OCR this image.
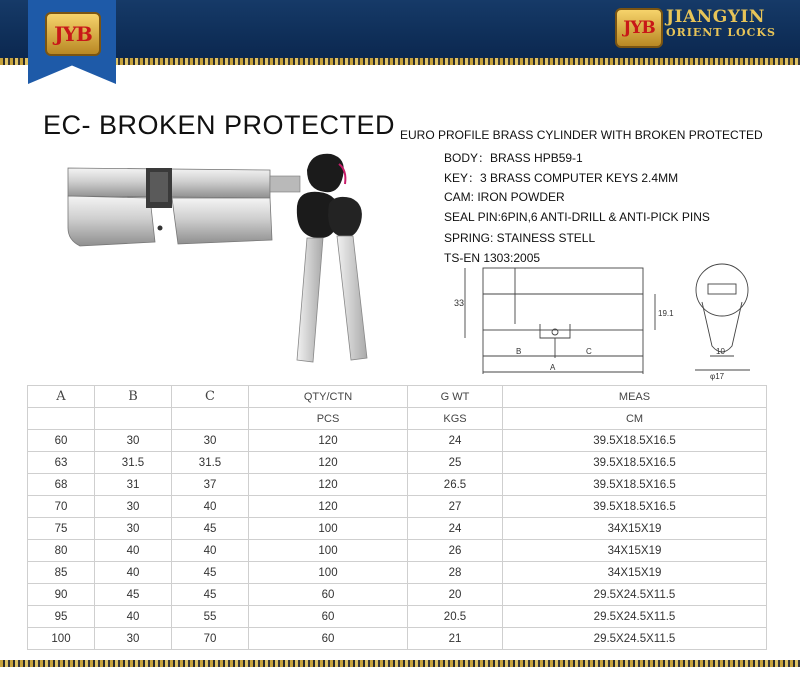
JYB	JYB
JIANGYIN
ORIENT LOCKS
EC- BROKEN PROTECTED EURO PROFILE BRASS CYLINDER WITH BROKEN PROTECTED
BODY：BRASS HPB59-1
KEY：3 BRASS COMPUTER KEYS 2.4MM
CAM: IRON POWDER
SEAL PIN:6PIN,6 ANTI-DRILL & ANTI-PICK PINS
SPRING: STAINESS STELL
TS-EN 1303:2005
33
19.1
B	C
A
10
φ17
A	B	C	QTY/CTN	G WT	MEAS
			PCS	KGS	CM
60	30	30	120	24	39.5X18.5X16.5
63	31.5	31.5	120	25	39.5X18.5X16.5
68	31	37	120	26.5	39.5X18.5X16.5
70	30	40	120	27	39.5X18.5X16.5
75	30	45	100	24	34X15X19
80	40	40	100	26	34X15X19
85	40	45	100	28	34X15X19
90	45	45	60	20	29.5X24.5X11.5
95	40	55	60	20.5	29.5X24.5X11.5
100	30	70	60	21	29.5X24.5X11.5
